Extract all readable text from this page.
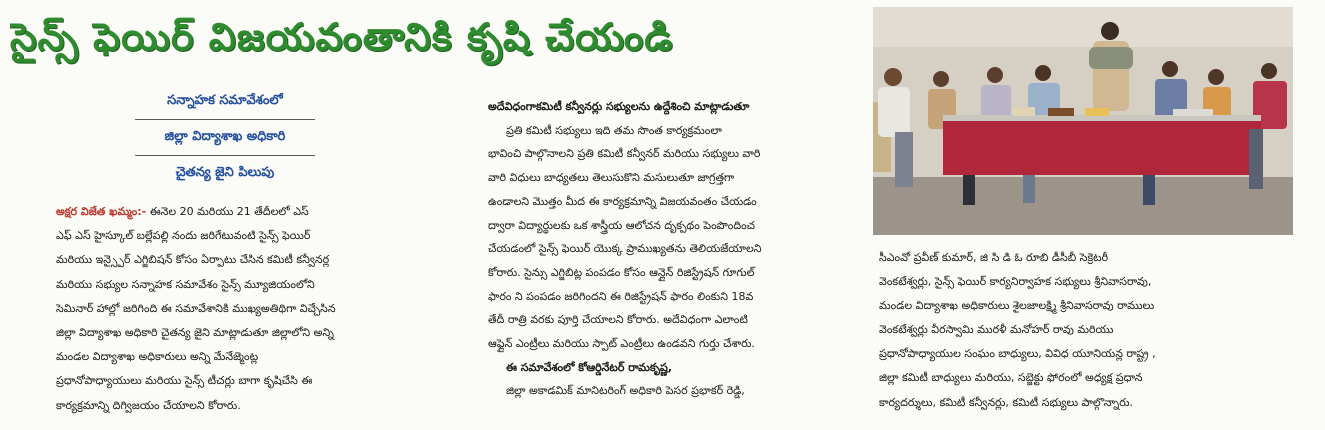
సైన్స్ ఫెయిర్ విజయవంతానికి కృషి చేయండి
సన్నాహక సమావేశంలో
జిల్లా విద్యాశాఖ అధికారి
చైతన్య జైని పిలుపు
అక్షర విజేత ఖమ్మం:- ఈనెల 20 మరియు 21 తేదీలలో ఎస్
ఎఫ్ ఎస్ హైస్కూల్ బల్లేపల్లి నందు జరిగేటువంటి సైన్స్ ఫెయిర్
మరియు ఇన్స్పైర్ ఎగ్జిబిషన్ కోసం ఏర్పాటు చేసిన కమిటీ కన్వీనర్ల
మరియు సభ్యుల సన్నాహక సమావేశం సైన్స్ మ్యూజియంలోని
సెమినార్ హాల్లో జరిగింది ఈ సమావేశానికి ముఖ్యఅతిథిగా విచ్చేసిన
జిల్లా విద్యాశాఖ అధికారి చైతన్య జైని మాట్లాడుతూ జిల్లాలోని అన్ని
మండల విద్యాశాఖ అధికారులు అన్ని మేనేజ్మెంట్ల
ప్రధానోపాధ్యాయులు మరియు సైన్స్ టీచర్లు బాగా కృషిచేసి ఈ
కార్యక్రమాన్ని దిగ్విజయం చేయాలని కోరారు.
అదేవిధంగాకమిటీ కన్వీనర్లు సభ్యులను ఉద్దేశించి మాట్లాడుతూ
ప్రతి కమిటీ సభ్యులు ఇది తమ సొంత కార్యక్రమంలా
భావించి పాల్గొనాలని ప్రతి కమిటీ కన్వీనర్ మరియు సభ్యులు వారి
వారి విధులు బాధ్యతలు తెలుసుకొని మసులుతూ జాగ్రత్తగా
ఉండాలని మొత్తం మీద ఈ కార్యక్రమాన్ని విజయవంతం చేయడం
ద్వారా విద్యార్థులకు ఒక శాస్త్రీయ ఆలోచన దృక్పథం పెంపొందించ
చేయడంలో సైన్స్ ఫెయిర్ యొక్క ప్రాముఖ్యతను తెలియజేయాలని
కోరారు. సైన్సు ఎగ్జిబిట్ల పంపడం కోసం ఆన్లైన్ రిజిస్ట్రేషన్ గూగుల్
ఫారం ని పంపడం జరిగిందని ఈ రిజిస్ట్రేషన్ ఫారం లింకుని 18వ
తేదీ రాత్రి వరకు పూర్తి చేయాలని కోరారు. అదేవిధంగా ఎలాంటి
ఆఫ్లైన్ ఎంట్రీలు మరియు స్పాట్ ఎంట్రీలు ఉండవని గుర్తు చేశారు.
ఈ సమావేశంలో కోఆర్డినేటర్ రామకృష్ణ,
జిల్లా అకాడమిక్ మానిటరింగ్ అధికారి పెసర ప్రభాకర్ రెడ్డి,
సీఎంవో ప్రవీణ్ కుమార్, జి సి డి ఓ రూబి డీసీబీ సెక్రెటరీ
వెంకటేశ్వర్లు, సైన్స్ ఫెయిర్ కార్యనిర్వాహక సభ్యులు శ్రీనివాసరావు,
మండల విద్యాశాఖ అధికారులు శైలజాలక్ష్మి శ్రీనివాసరావు రాములు
వెంకటేశ్వర్లు వీరస్వామి మురళీ మనోహర్ రావు మరియు
ప్రధానోపాధ్యాయుల సంఘం బాధ్యులు, వివిధ యూనియన్ల రాష్ట్ర ,
జిల్లా కమిటీ బాధ్యులు మరియు, సబ్జెక్టు ఫోరంలో అధ్యక్ష ప్రధాన
కార్యదర్శులు, కమిటీ కన్వీనర్లు, కమిటీ సభ్యులు పాల్గొన్నారు.
